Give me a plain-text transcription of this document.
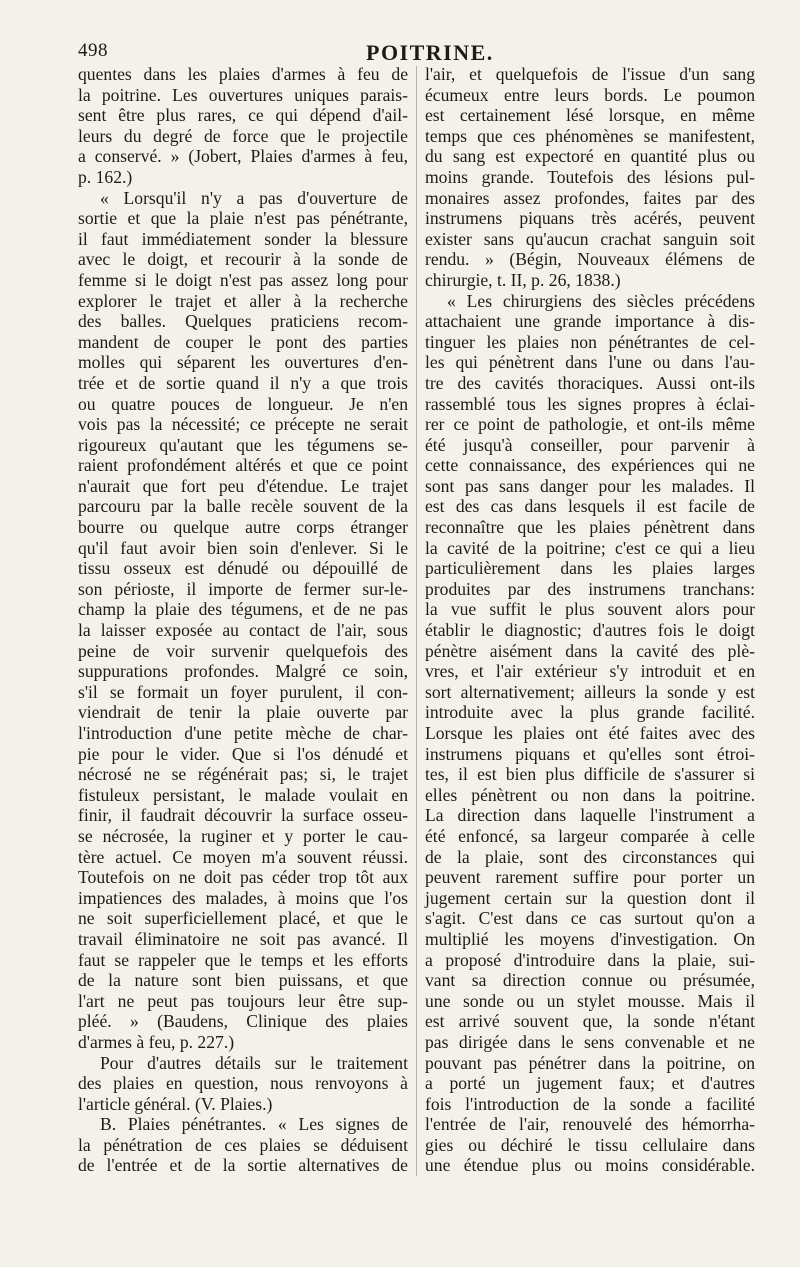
498	POITRINE.
quentes dans les plaies d'armes à feu de
la poitrine. Les ouvertures uniques parais-
sent être plus rares, ce qui dépend d'ail-
leurs du degré de force que le projectile
a conservé. » (Jobert, Plaies d'armes à feu,
p. 162.)
« Lorsqu'il n'y a pas d'ouverture de
sortie et que la plaie n'est pas pénétrante,
il faut immédiatement sonder la blessure
avec le doigt, et recourir à la sonde de
femme si le doigt n'est pas assez long pour
explorer le trajet et aller à la recherche
des balles. Quelques praticiens recom-
mandent de couper le pont des parties
molles qui séparent les ouvertures d'en-
trée et de sortie quand il n'y a que trois
ou quatre pouces de longueur. Je n'en
vois pas la nécessité; ce précepte ne serait
rigoureux qu'autant que les tégumens se-
raient profondément altérés et que ce point
n'aurait que fort peu d'étendue. Le trajet
parcouru par la balle recèle souvent de la
bourre ou quelque autre corps étranger
qu'il faut avoir bien soin d'enlever. Si le
tissu osseux est dénudé ou dépouillé de
son périoste, il importe de fermer sur-le-
champ la plaie des tégumens, et de ne pas
la laisser exposée au contact de l'air, sous
peine de voir survenir quelquefois des
suppurations profondes. Malgré ce soin,
s'il se formait un foyer purulent, il con-
viendrait de tenir la plaie ouverte par
l'introduction d'une petite mèche de char-
pie pour le vider. Que si l'os dénudé et
nécrosé ne se régénérait pas; si, le trajet
fistuleux persistant, le malade voulait en
finir, il faudrait découvrir la surface osseu-
se nécrosée, la ruginer et y porter le cau-
tère actuel. Ce moyen m'a souvent réussi.
Toutefois on ne doit pas céder trop tôt aux
impatiences des malades, à moins que l'os
ne soit superficiellement placé, et que le
travail éliminatoire ne soit pas avancé. Il
faut se rappeler que le temps et les efforts
de la nature sont bien puissans, et que
l'art ne peut pas toujours leur être sup-
pléé. » (Baudens, Clinique des plaies
d'armes à feu, p. 227.)
Pour d'autres détails sur le traitement
des plaies en question, nous renvoyons à
l'article général. (V. Plaies.)
B. Plaies pénétrantes. « Les signes de
la pénétration de ces plaies se déduisent
de l'entrée et de la sortie alternatives de
l'air, et quelquefois de l'issue d'un sang
écumeux entre leurs bords. Le poumon
est certainement lésé lorsque, en même
temps que ces phénomènes se manifestent,
du sang est expectoré en quantité plus ou
moins grande. Toutefois des lésions pul-
monaires assez profondes, faites par des
instrumens piquans très acérés, peuvent
exister sans qu'aucun crachat sanguin soit
rendu. » (Bégin, Nouveaux élémens de
chirurgie, t. II, p. 26, 1838.)
« Les chirurgiens des siècles précédens
attachaient une grande importance à dis-
tinguer les plaies non pénétrantes de cel-
les qui pénètrent dans l'une ou dans l'au-
tre des cavités thoraciques. Aussi ont-ils
rassemblé tous les signes propres à éclai-
rer ce point de pathologie, et ont-ils même
été jusqu'à conseiller, pour parvenir à
cette connaissance, des expériences qui ne
sont pas sans danger pour les malades. Il
est des cas dans lesquels il est facile de
reconnaître que les plaies pénètrent dans
la cavité de la poitrine; c'est ce qui a lieu
particulièrement dans les plaies larges
produites par des instrumens tranchans:
la vue suffit le plus souvent alors pour
établir le diagnostic; d'autres fois le doigt
pénètre aisément dans la cavité des plè-
vres, et l'air extérieur s'y introduit et en
sort alternativement; ailleurs la sonde y est
introduite avec la plus grande facilité.
Lorsque les plaies ont été faites avec des
instrumens piquans et qu'elles sont étroi-
tes, il est bien plus difficile de s'assurer si
elles pénètrent ou non dans la poitrine.
La direction dans laquelle l'instrument a
été enfoncé, sa largeur comparée à celle
de la plaie, sont des circonstances qui
peuvent rarement suffire pour porter un
jugement certain sur la question dont il
s'agit. C'est dans ce cas surtout qu'on a
multiplié les moyens d'investigation. On
a proposé d'introduire dans la plaie, sui-
vant sa direction connue ou présumée,
une sonde ou un stylet mousse. Mais il
est arrivé souvent que, la sonde n'étant
pas dirigée dans le sens convenable et ne
pouvant pas pénétrer dans la poitrine, on
a porté un jugement faux; et d'autres
fois l'introduction de la sonde a facilité
l'entrée de l'air, renouvelé des hémorrha-
gies ou déchiré le tissu cellulaire dans
une étendue plus ou moins considérable.
